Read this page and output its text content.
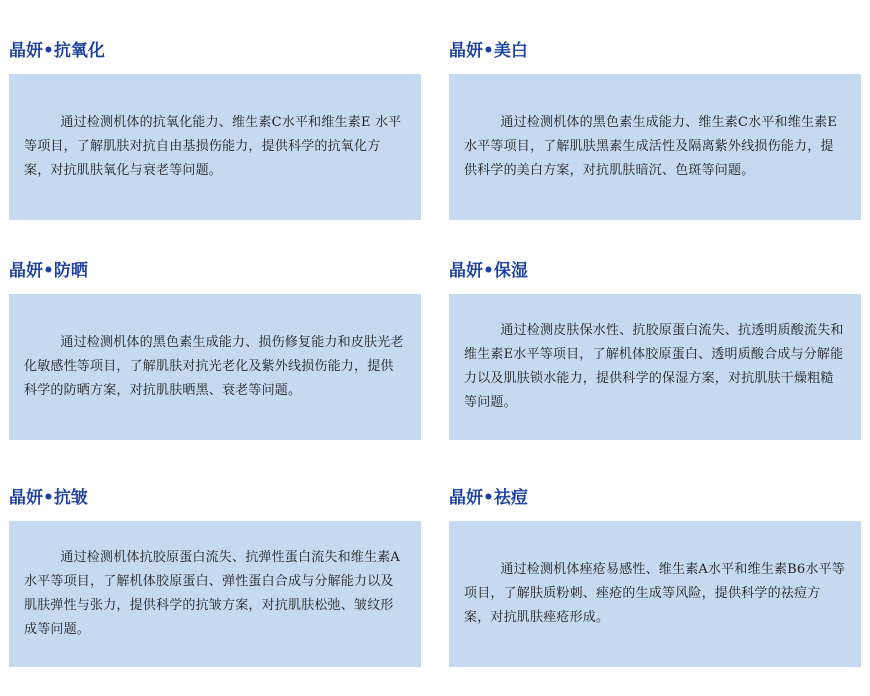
晶妍•抗氧化

通过检测机体的抗氧化能力、维生素C水平和维生素E 水平等项目，了解肌肤对抗自由基损伤能力，提供科学的抗氧化方案，对抗肌肤氧化与衰老等问题。

晶妍•美白

通过检测机体的黑色素生成能力、维生素C水平和维生素E水平等项目，了解肌肤黑素生成活性及隔离紫外线损伤能力，提供科学的美白方案，对抗肌肤暗沉、色斑等问题。

晶妍•防晒

通过检测机体的黑色素生成能力、损伤修复能力和皮肤光老化敏感性等项目，了解肌肤对抗光老化及紫外线损伤能力，提供科学的防晒方案，对抗肌肤晒黑、衰老等问题。

晶妍•保湿

通过检测皮肤保水性、抗胶原蛋白流失、抗透明质酸流失和维生素E水平等项目，了解机体胶原蛋白、透明质酸合成与分解能力以及肌肤锁水能力，提供科学的保湿方案，对抗肌肤干燥粗糙等问题。

晶妍•抗皱

通过检测机体抗胶原蛋白流失、抗弹性蛋白流失和维生素A水平等项目，了解机体胶原蛋白、弹性蛋白合成与分解能力以及肌肤弹性与张力，提供科学的抗皱方案，对抗肌肤松弛、皱纹形成等问题。

晶妍•祛痘

通过检测机体痤疮易感性、维生素A水平和维生素B6水平等项目，了解肤质粉刺、痤疮的生成等风险，提供科学的祛痘方案，对抗肌肤痤疮形成。
